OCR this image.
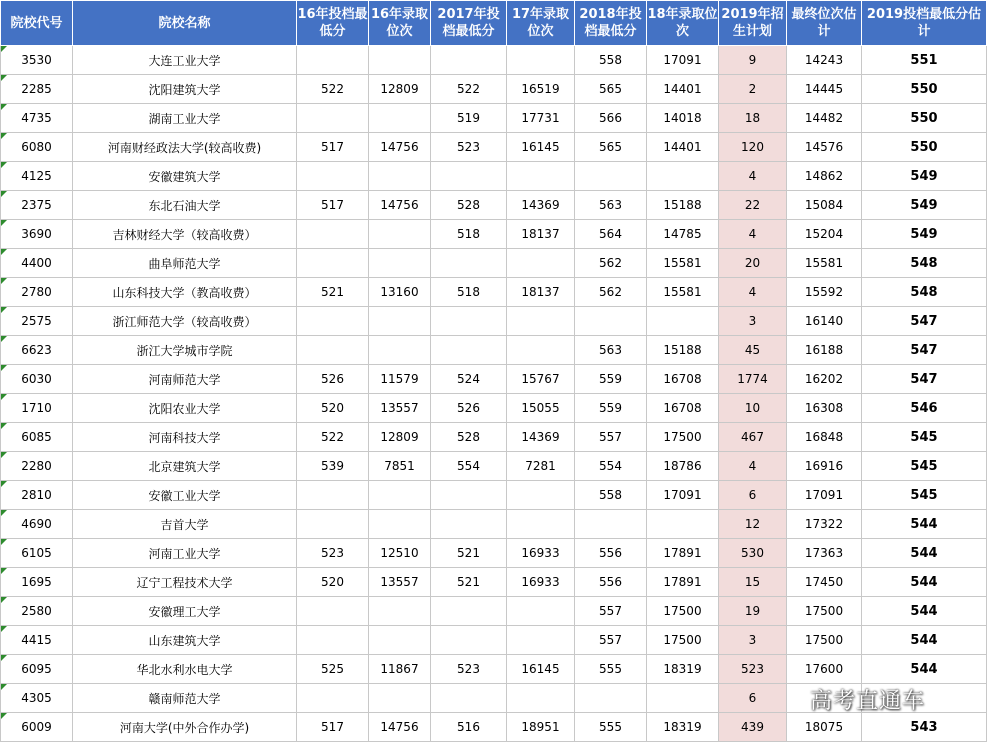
院校代号	院校名称	16年投档最低分	16年录取位次	2017年投档最低分	17年录取位次	2018年投档最低分	18年录取位次	2019年招生计划	最终位次估计	2019投档最低分估计
3530	大连工业大学					558	17091	9	14243	551
2285	沈阳建筑大学	522	12809	522	16519	565	14401	2	14445	550
4735	湖南工业大学			519	17731	566	14018	18	14482	550
6080	河南财经政法大学(较高收费)	517	14756	523	16145	565	14401	120	14576	550
4125	安徽建筑大学							4	14862	549
2375	东北石油大学	517	14756	528	14369	563	15188	22	15084	549
3690	吉林财经大学（较高收费）			518	18137	564	14785	4	15204	549
4400	曲阜师范大学					562	15581	20	15581	548
2780	山东科技大学（教高收费）	521	13160	518	18137	562	15581	4	15592	548
2575	浙江师范大学（较高收费）							3	16140	547
6623	浙江大学城市学院					563	15188	45	16188	547
6030	河南师范大学	526	11579	524	15767	559	16708	1774	16202	547
1710	沈阳农业大学	520	13557	526	15055	559	16708	10	16308	546
6085	河南科技大学	522	12809	528	14369	557	17500	467	16848	545
2280	北京建筑大学	539	7851	554	7281	554	18786	4	16916	545
2810	安徽工业大学					558	17091	6	17091	545
4690	吉首大学							12	17322	544
6105	河南工业大学	523	12510	521	16933	556	17891	530	17363	544
1695	辽宁工程技术大学	520	13557	521	16933	556	17891	15	17450	544
2580	安徽理工大学					557	17500	19	17500	544
4415	山东建筑大学					557	17500	3	17500	544
6095	华北水利水电大学	525	11867	523	16145	555	18319	523	17600	544
4305	赣南师范大学							6		
6009	河南大学(中外合作办学)	517	14756	516	18951	555	18319	439	18075	543
高考直通车
